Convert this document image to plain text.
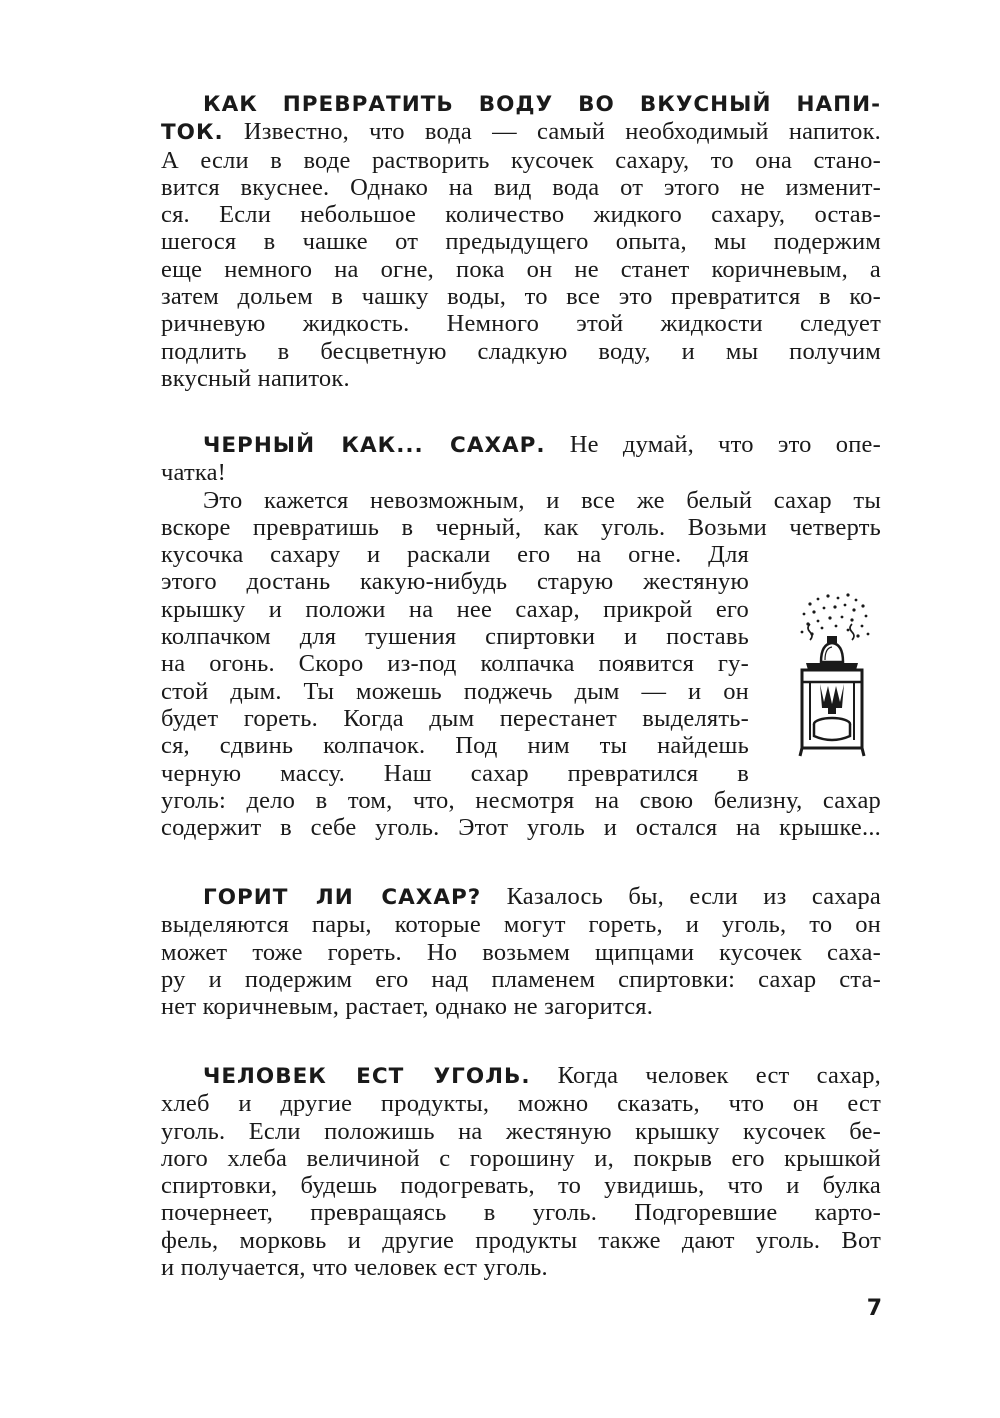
КАК ПРЕВРАТИТЬ ВОДУ ВО ВКУСНЫЙ НАПИ-
ТОК. Известно, что вода — самый необходимый напиток.
А если в воде растворить кусочек сахару, то она стано-
вится вкуснее. Однако на вид вода от этого не изменит-
ся. Если небольшое количество жидкого сахару, остав-
шегося в чашке от предыдущего опыта, мы подержим
еще немного на огне, пока он не станет коричневым, а
затем дольем в чашку воды, то все это превратится в ко-
ричневую жидкость. Немного этой жидкости следует
подлить в бесцветную сладкую воду, и мы получим
вкусный напиток.
ЧЕРНЫЙ КАК... САХАР. Не думай, что это опе-
чатка!
Это кажется невозможным, и все же белый сахар ты
вскоре превратишь в черный, как уголь. Возьми четверть
кусочка сахару и раскали его на огне. Для
этого достань какую-нибудь старую жестяную
крышку и положи на нее сахар, прикрой его
колпачком для тушения спиртовки и поставь
на огонь. Скоро из-под колпачка появится гу-
стой дым. Ты можешь поджечь дым — и он
будет гореть. Когда дым перестанет выделять-
ся, сдвинь колпачок. Под ним ты найдешь
черную массу. Наш сахар превратился в
уголь: дело в том, что, несмотря на свою белизну, сахар
содержит в себе уголь. Этот уголь и остался на крышке...
ГОРИТ ЛИ САХАР? Казалось бы, если из сахара
выделяются пары, которые могут гореть, и уголь, то он
может тоже гореть. Но возьмем щипцами кусочек саха-
ру и подержим его над пламенем спиртовки: сахар ста-
нет коричневым, растает, однако не загорится.
ЧЕЛОВЕК ЕСТ УГОЛЬ. Когда человек ест сахар,
хлеб и другие продукты, можно сказать, что он ест
уголь. Если положишь на жестяную крышку кусочек бе-
лого хлеба величиной с горошину и, покрыв его крышкой
спиртовки, будешь подогревать, то увидишь, что и булка
почернеет, превращаясь в уголь. Подгоревшие карто-
фель, морковь и другие продукты также дают уголь. Вот
и получается, что человек ест уголь.
7
